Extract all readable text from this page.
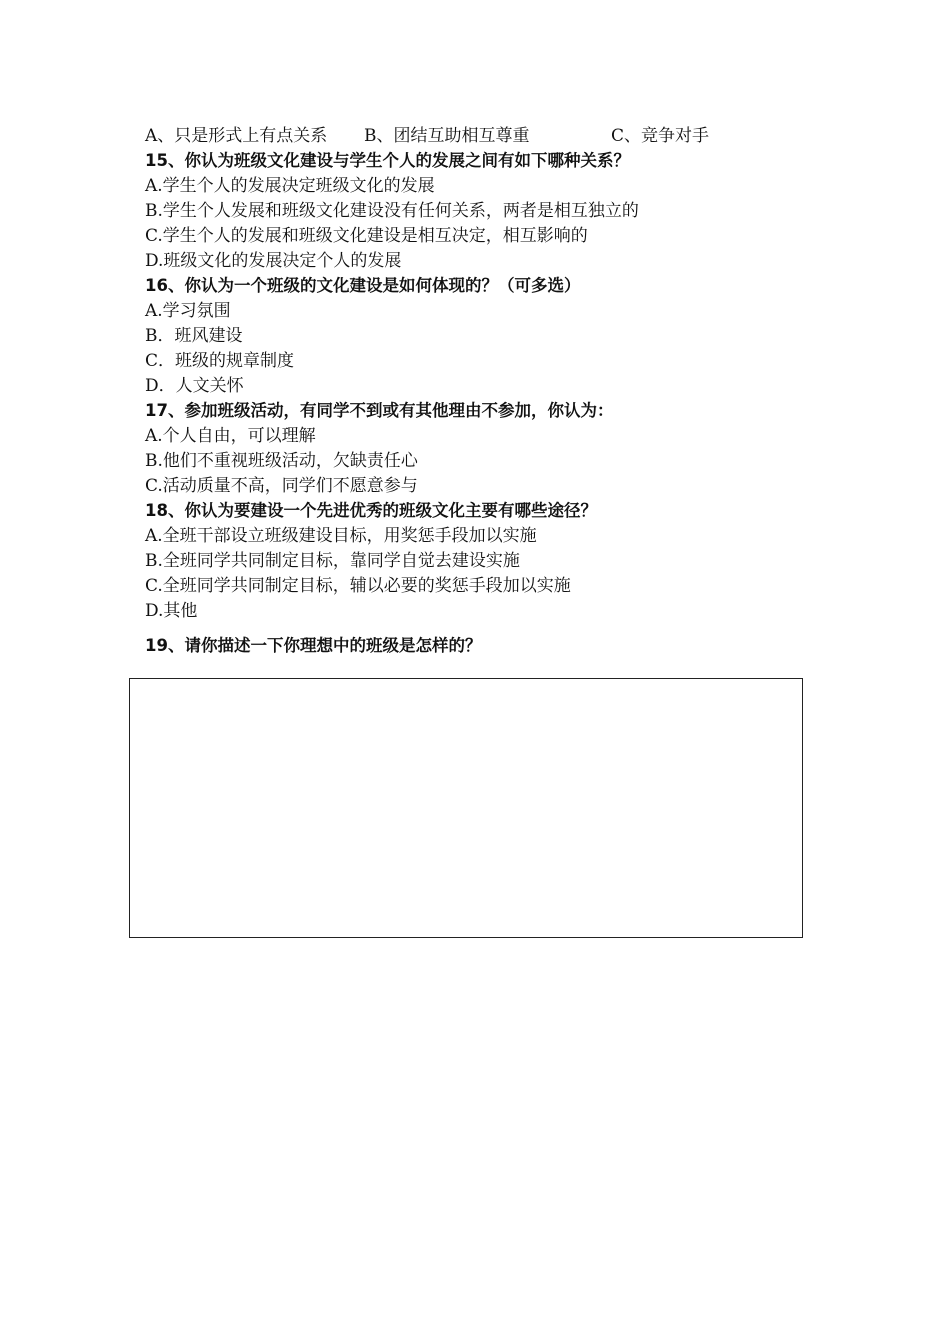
A、只是形式上有点关系 B、团结互助相互尊重	C、竞争对手
15、你认为班级文化建设与学生个人的发展之间有如下哪种关系？
A.学生个人的发展决定班级文化的发展
B.学生个人发展和班级文化建设没有任何关系，两者是相互独立的
C.学生个人的发展和班级文化建设是相互决定，相互影响的
D.班级文化的发展决定个人的发展
16、你认为一个班级的文化建设是如何体现的？（可多选）
A.学习氛围
B．班风建设
C．班级的规章制度
D．人文关怀
17、参加班级活动，有同学不到或有其他理由不参加，你认为：
A.个人自由，可以理解
B.他们不重视班级活动，欠缺责任心
C.活动质量不高，同学们不愿意参与
18、你认为要建设一个先进优秀的班级文化主要有哪些途径？
A.全班干部设立班级建设目标，用奖惩手段加以实施
B.全班同学共同制定目标，靠同学自觉去建设实施
C.全班同学共同制定目标，辅以必要的奖惩手段加以实施
D.其他
19、请你描述一下你理想中的班级是怎样的？
